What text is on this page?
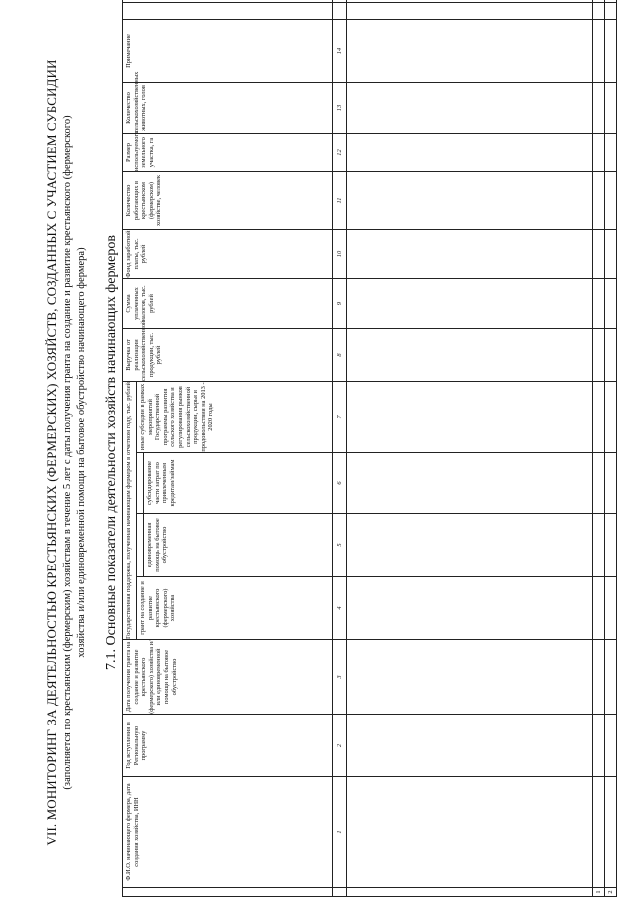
VII. МОНИТОРИНГ ЗА ДЕЯТЕЛЬНОСТЬЮ КРЕСТЬЯНСКИХ (ФЕРМЕРСКИХ) ХОЗЯЙСТВ, СОЗДАННЫХ С УЧАСТИЕМ СУБСИДИИ (заполняется по крестьянским (фермерским) хозяйствам в течение 5 лет с даты получения гранта на создание и развитие крестьянского (фермерского) хозяйства и/или единовременной помощи на бытовое обустройство начинающего фермера) 7.1. Основные показатели деятельности хозяйств начинающих фермеров
	Ф.И.О. начинающего фермера, дата создания хозяйства, ИНН	Год вступления в Региональную программу	Дата получения гранта на создание и развитие крестьянского (фермерского) хозяйства и/или единовременной помощи на бытовое обустройство	Государственная поддержка, полученная начинающим фермером в отчетном году, тыс. рублей				Выручка от реализации сельскохозяйственной продукции, тыс. рублей	Сумма уплаченных налогов, тыс. рублей	Фонд заработной платы, тыс. рублей	Количество работающих в крестьянском (фермерском) хозяйстве, человек	Размер используемого земельного участка, га	Количество сельскохозяйственных животных, голов	Примечание		
				грант на создание и развитие крестьянского (фермерского) хозяйства			иные субсидии в рамках мероприятий Государственной программы развития сельского хозяйства и регулирования рынков сельскохозяйственной продукции, сырья и продовольствия на 2013 - 2020 годы									
					единовременная помощь на бытовое обустройство	субсидирование части затрат по привлеченным кредитам/займам										
	1	2	3	4	5	6	7	8	9	10	11	12	13	14		

1																
2																
